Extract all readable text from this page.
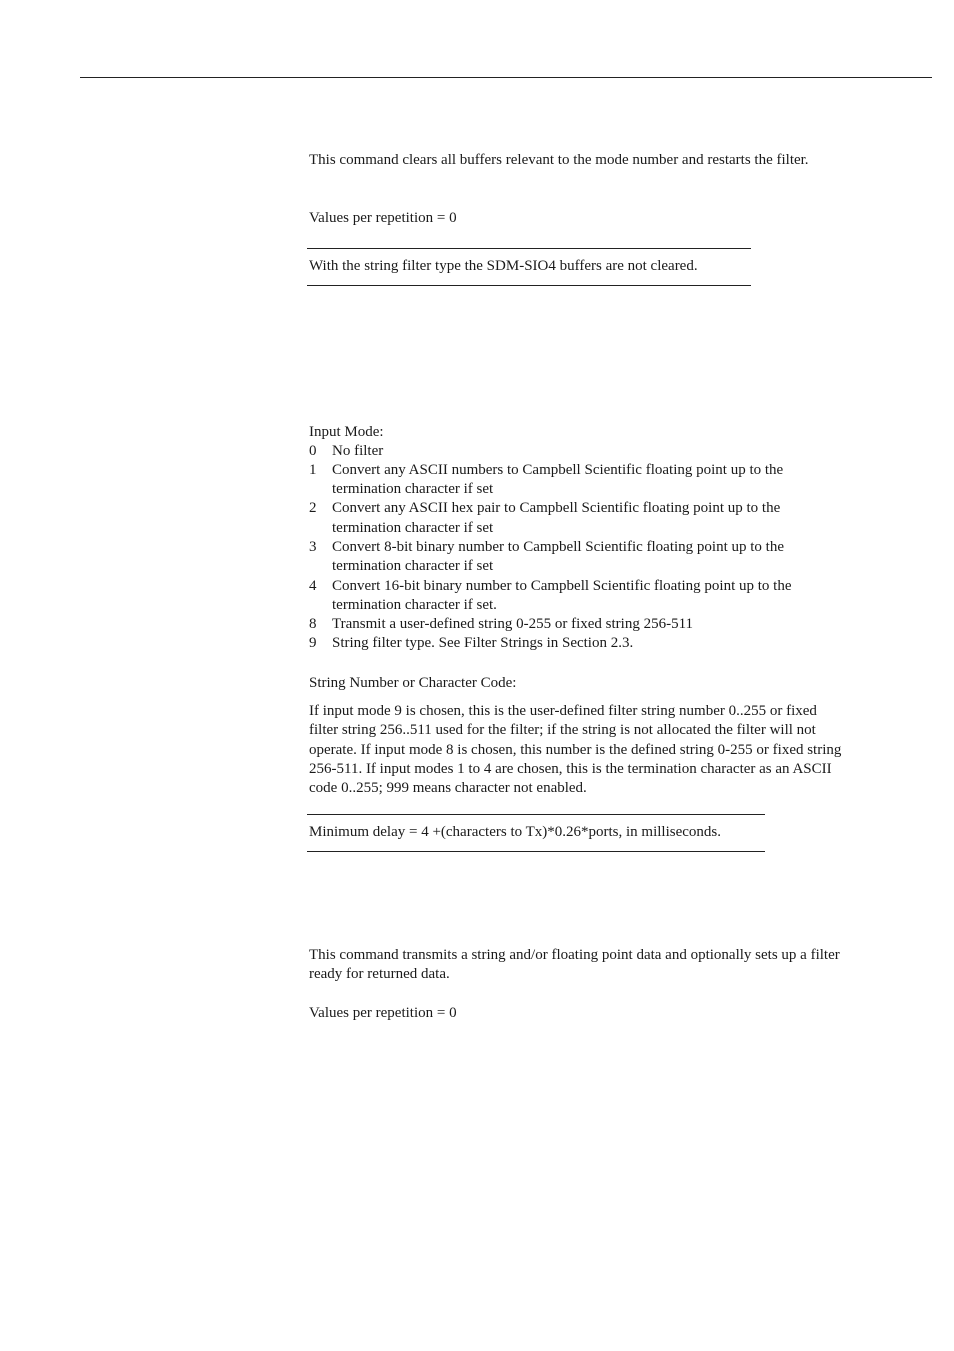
This command clears all buffers relevant to the mode number and restarts the filter.

Values per repetition = 0

With the string filter type the SDM-SIO4 buffers are not cleared.

Input Mode:

0	No filter
1	Convert any ASCII numbers to Campbell Scientific floating point up to the termination character if set
2	Convert any ASCII hex pair to Campbell Scientific floating point up to the termination character if set
3	Convert 8-bit binary number to Campbell Scientific floating point up to the termination character if set
4	Convert 16-bit binary number to Campbell Scientific floating point up to the termination character if set.
8	Transmit a user-defined string 0-255 or fixed string 256-511
9	String filter type. See Filter Strings in Section 2.3.

String Number or Character Code:

If input mode 9 is chosen, this is the user-defined filter string number 0..255 or fixed filter string 256..511 used for the filter; if the string is not allocated the filter will not operate. If input mode 8 is chosen, this number is the defined string 0-255 or fixed string 256-511. If input modes 1 to 4 are chosen, this is the termination character as an ASCII code 0..255; 999 means character not enabled.

Minimum delay = 4 +(characters to Tx)*0.26*ports, in milliseconds.

This command transmits a string and/or floating point data and optionally sets up a filter ready for returned data.

Values per repetition = 0
